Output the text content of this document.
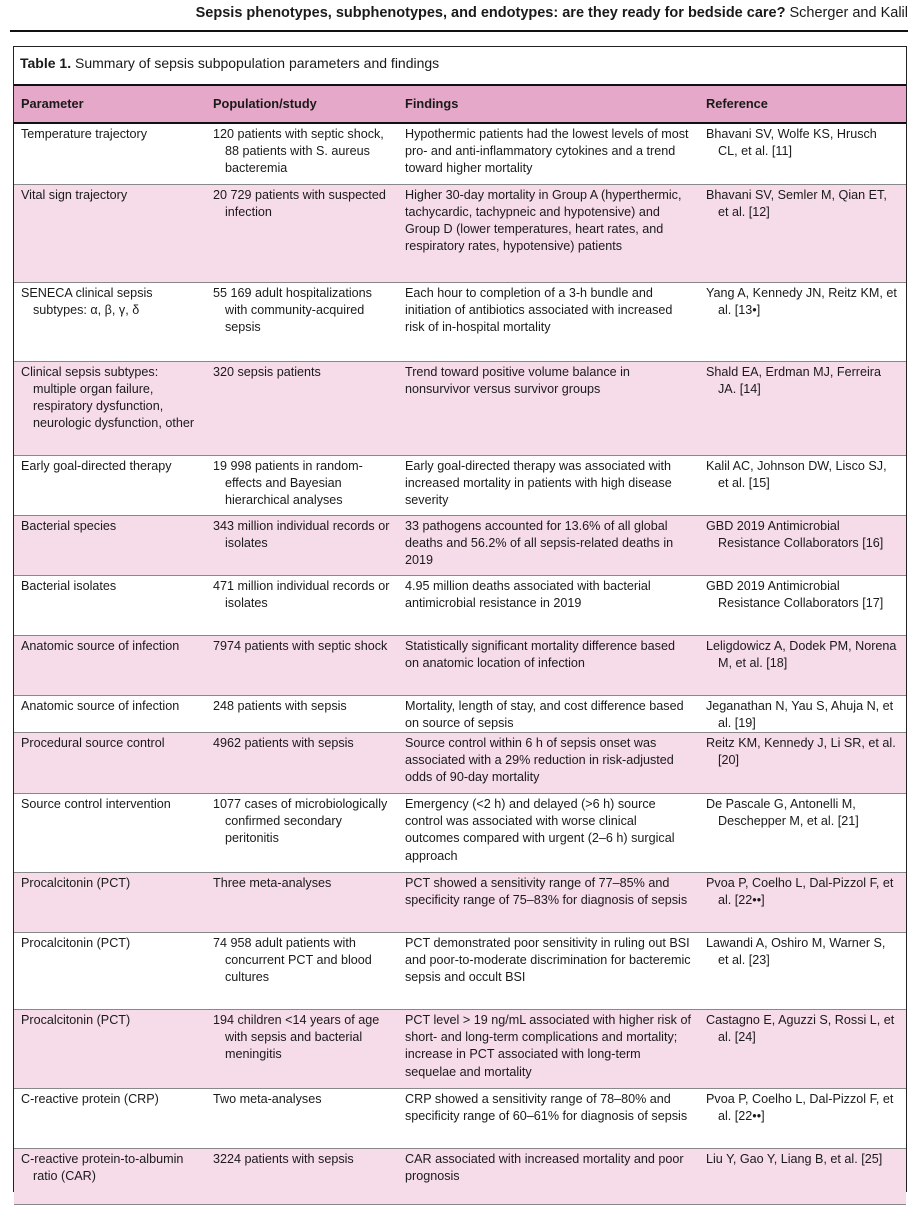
Sepsis phenotypes, subphenotypes, and endotypes: are they ready for bedside care? Scherger and Kalil
Table 1. Summary of sepsis subpopulation parameters and findings
Parameter	Population/study	Findings	Reference

Temperature trajectory	120 patients with septic shock, 88 patients with S. aureus bacteremia	Hypothermic patients had the lowest levels of most pro- and anti-inflammatory cytokines and a trend toward higher mortality	Bhavani SV, Wolfe KS, Hrusch CL, et al. [11]

Vital sign trajectory	20 729 patients with suspected infection	Higher 30-day mortality in Group A (hyperthermic, tachycardic, tachypneic and hypotensive) and Group D (lower temperatures, heart rates, and respiratory rates, hypotensive) patients	Bhavani SV, Semler M, Qian ET, et al. [12]

SENECA clinical sepsis subtypes: α, β, γ, δ	55 169 adult hospitalizations with community-acquired sepsis	Each hour to completion of a 3-h bundle and initiation of antibiotics associated with increased risk of in-hospital mortality	Yang A, Kennedy JN, Reitz KM, et al. [13•]

Clinical sepsis subtypes: multiple organ failure, respiratory dysfunction, neurologic dysfunction, other	320 sepsis patients	Trend toward positive volume balance in nonsurvivor versus survivor groups	Shald EA, Erdman MJ, Ferreira JA. [14]

Early goal-directed therapy	19 998 patients in random-effects and Bayesian hierarchical analyses	Early goal-directed therapy was associated with increased mortality in patients with high disease severity	Kalil AC, Johnson DW, Lisco SJ, et al. [15]

Bacterial species	343 million individual records or isolates	33 pathogens accounted for 13.6% of all global deaths and 56.2% of all sepsis-related deaths in 2019	GBD 2019 Antimicrobial Resistance Collaborators [16]

Bacterial isolates	471 million individual records or isolates	4.95 million deaths associated with bacterial antimicrobial resistance in 2019	GBD 2019 Antimicrobial Resistance Collaborators [17]

Anatomic source of infection	7974 patients with septic shock	Statistically significant mortality difference based on anatomic location of infection	Leligdowicz A, Dodek PM, Norena M, et al. [18]

Anatomic source of infection	248 patients with sepsis	Mortality, length of stay, and cost difference based on source of sepsis	Jeganathan N, Yau S, Ahuja N, et al. [19]

Procedural source control	4962 patients with sepsis	Source control within 6 h of sepsis onset was associated with a 29% reduction in risk-adjusted odds of 90-day mortality	Reitz KM, Kennedy J, Li SR, et al. [20]

Source control intervention	1077 cases of microbiologically confirmed secondary peritonitis	Emergency (<2 h) and delayed (>6 h) source control was associated with worse clinical outcomes compared with urgent (2–6 h) surgical approach	De Pascale G, Antonelli M, Deschepper M, et al. [21]

Procalcitonin (PCT)	Three meta-analyses	PCT showed a sensitivity range of 77–85% and specificity range of 75–83% for diagnosis of sepsis	Pvoa P, Coelho L, Dal-Pizzol F, et al. [22••]

Procalcitonin (PCT)	74 958 adult patients with concurrent PCT and blood cultures	PCT demonstrated poor sensitivity in ruling out BSI and poor-to-moderate discrimination for bacteremic sepsis and occult BSI	Lawandi A, Oshiro M, Warner S, et al. [23]

Procalcitonin (PCT)	194 children <14 years of age with sepsis and bacterial meningitis	PCT level > 19 ng/mL associated with higher risk of short- and long-term complications and mortality; increase in PCT associated with long-term sequelae and mortality	Castagno E, Aguzzi S, Rossi L, et al. [24]

C-reactive protein (CRP)	Two meta-analyses	CRP showed a sensitivity range of 78–80% and specificity range of 60–61% for diagnosis of sepsis	Pvoa P, Coelho L, Dal-Pizzol F, et al. [22••]

C-reactive protein-to-albumin ratio (CAR)	3224 patients with sepsis	CAR associated with increased mortality and poor prognosis	Liu Y, Gao Y, Liang B, et al. [25]
